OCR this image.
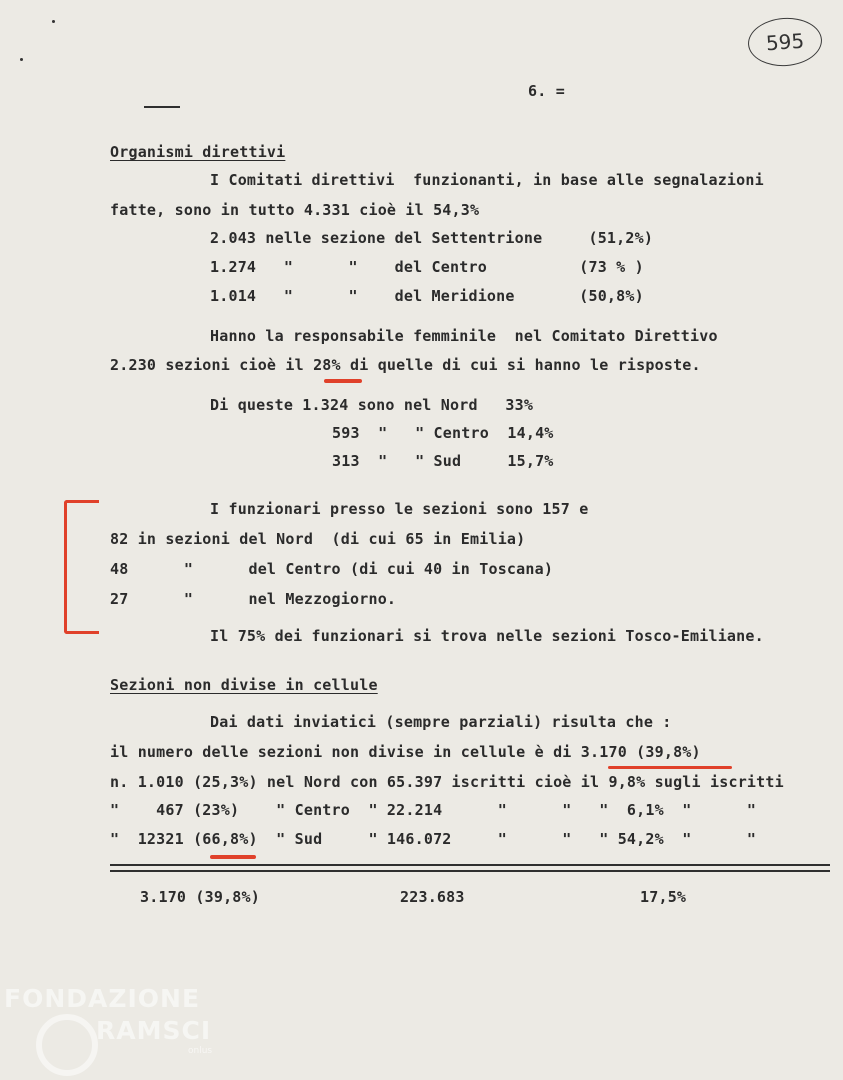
595
6. =
Organismi direttivi
I Comitati direttivi  funzionanti, in base alle segnalazioni
fatte, sono in tutto 4.331 cioè il 54,3%
2.043 nelle sezione del Settentrione     (51,2%)
1.274   "      "    del Centro          (73 % )
1.014   "      "    del Meridione       (50,8%)
Hanno la responsabile femminile  nel Comitato Direttivo
2.230 sezioni cioè il 28% di quelle di cui si hanno le risposte.
Di queste 1.324 sono nel Nord   33%
593  "   " Centro  14,4%
313  "   " Sud     15,7%
I funzionari presso le sezioni sono 157 e
82 in sezioni del Nord  (di cui 65 in Emilia)
48      "      del Centro (di cui 40 in Toscana)
27      "      nel Mezzogiorno.
Il 75% dei funzionari si trova nelle sezioni Tosco-Emiliane.
Sezioni non divise in cellule
Dai dati inviatici (sempre parziali) risulta che :
il numero delle sezioni non divise in cellule è di 3.170 (39,8%)
n. 1.010 (25,3%) nel Nord con 65.397 iscritti cioè il 9,8% sugli iscritti
"    467 (23%)    " Centro  " 22.214      "      "   "  6,1%  "      "
"  12321 (66,8%)  " Sud     " 146.072     "      "   " 54,2%  "      "
3.170 (39,8%)	223.683	17,5%
FONDAZIONE
RAMSCI
onlus
